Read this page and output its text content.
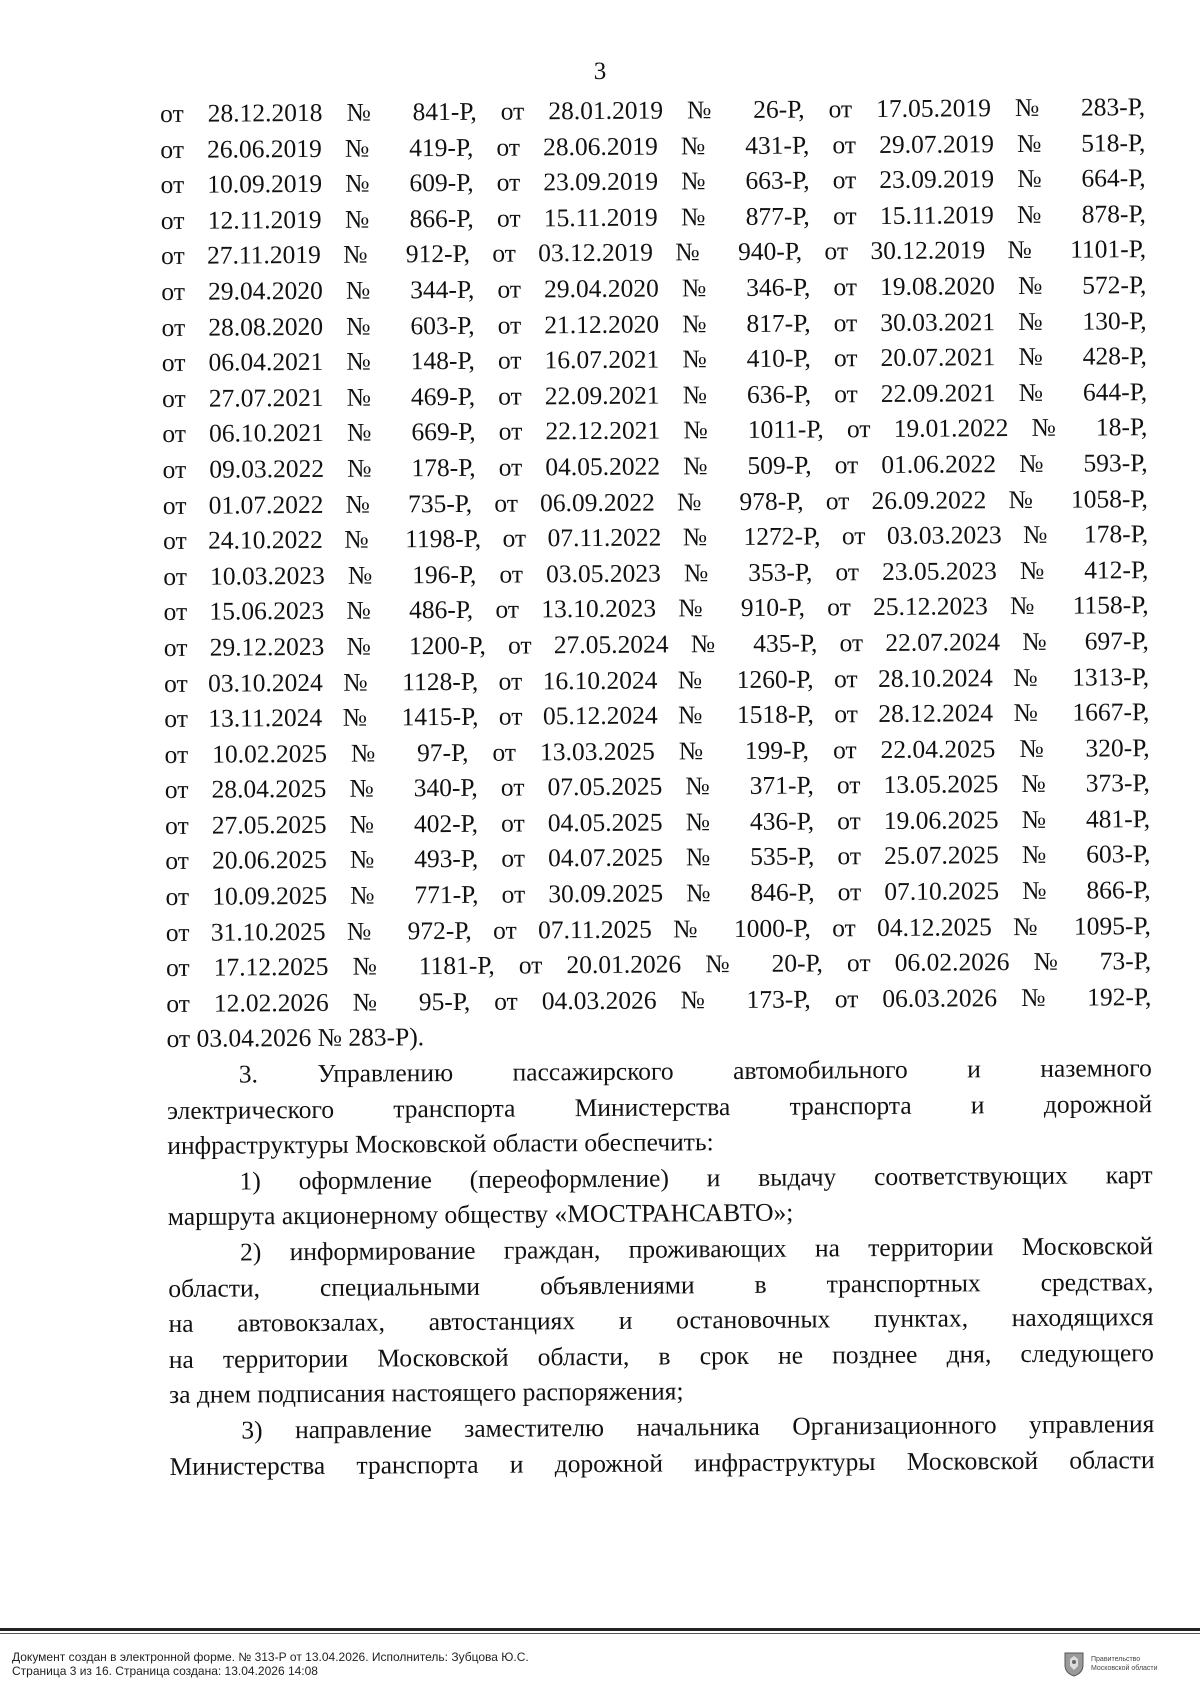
3
от 28.12.2018 № 841-Р, от 28.01.2019 № 26-Р, от 17.05.2019 № 283-Р,
от 26.06.2019 № 419-Р, от 28.06.2019 № 431-Р, от 29.07.2019 № 518-Р,
от 10.09.2019 № 609-Р, от 23.09.2019 № 663-Р, от 23.09.2019 № 664-Р,
от 12.11.2019 № 866-Р, от 15.11.2019 № 877-Р, от 15.11.2019 № 878-Р,
от 27.11.2019 № 912-Р, от 03.12.2019 № 940-Р, от 30.12.2019 № 1101-Р,
от 29.04.2020 № 344-Р, от 29.04.2020 № 346-Р, от 19.08.2020 № 572-Р,
от 28.08.2020 № 603-Р, от 21.12.2020 № 817-Р, от 30.03.2021 № 130-Р,
от 06.04.2021 № 148-Р, от 16.07.2021 № 410-Р, от 20.07.2021 № 428-Р,
от 27.07.2021 № 469-Р, от 22.09.2021 № 636-Р, от 22.09.2021 № 644-Р,
от 06.10.2021 № 669-Р, от 22.12.2021 № 1011-Р, от 19.01.2022 № 18-Р,
от 09.03.2022 № 178-Р, от 04.05.2022 № 509-Р, от 01.06.2022 № 593-Р,
от 01.07.2022 № 735-Р, от 06.09.2022 № 978-Р, от 26.09.2022 № 1058-Р,
от 24.10.2022 № 1198-Р, от 07.11.2022 № 1272-Р, от 03.03.2023 № 178-Р,
от 10.03.2023 № 196-Р, от 03.05.2023 № 353-Р, от 23.05.2023 № 412-Р,
от 15.06.2023 № 486-Р, от 13.10.2023 № 910-Р, от 25.12.2023 № 1158-Р,
от 29.12.2023 № 1200-Р, от 27.05.2024 № 435-Р, от 22.07.2024 № 697-Р,
от 03.10.2024 № 1128-Р, от 16.10.2024 № 1260-Р, от 28.10.2024 № 1313-Р,
от 13.11.2024 № 1415-Р, от 05.12.2024 № 1518-Р, от 28.12.2024 № 1667-Р,
от 10.02.2025 № 97-Р, от 13.03.2025 № 199-Р, от 22.04.2025 № 320-Р,
от 28.04.2025 № 340-Р, от 07.05.2025 № 371-Р, от 13.05.2025 № 373-Р,
от 27.05.2025 № 402-Р, от 04.05.2025 № 436-Р, от 19.06.2025 № 481-Р,
от 20.06.2025 № 493-Р, от 04.07.2025 № 535-Р, от 25.07.2025 № 603-Р,
от 10.09.2025 № 771-Р, от 30.09.2025 № 846-Р, от 07.10.2025 № 866-Р,
от 31.10.2025 № 972-Р, от 07.11.2025 № 1000-Р, от 04.12.2025 № 1095-Р,
от 17.12.2025 № 1181-Р, от 20.01.2026 № 20-Р, от 06.02.2026 № 73-Р,
от 12.02.2026 № 95-Р, от 04.03.2026 № 173-Р, от 06.03.2026 № 192-Р,
от 03.04.2026 № 283-Р).
3. Управлению пассажирского автомобильного и наземного
электрического транспорта Министерства транспорта и дорожной
инфраструктуры Московской области обеспечить:
1) оформление (переоформление) и выдачу соответствующих карт
маршрута акционерному обществу «МОСТРАНСАВТО»;
2) информирование граждан, проживающих на территории Московской
области, специальными объявлениями в транспортных средствах,
на автовокзалах, автостанциях и остановочных пунктах, находящихся
на территории Московской области, в срок не позднее дня, следующего
за днем подписания настоящего распоряжения;
3) направление заместителю начальника Организационного управления
Министерства транспорта и дорожной инфраструктуры Московской области
Документ создан в электронной форме. № 313-Р от 13.04.2026. Исполнитель: Зубцова Ю.С.
Страница 3 из 16. Страница создана: 13.04.2026 14:08
Правительство
Московской области
